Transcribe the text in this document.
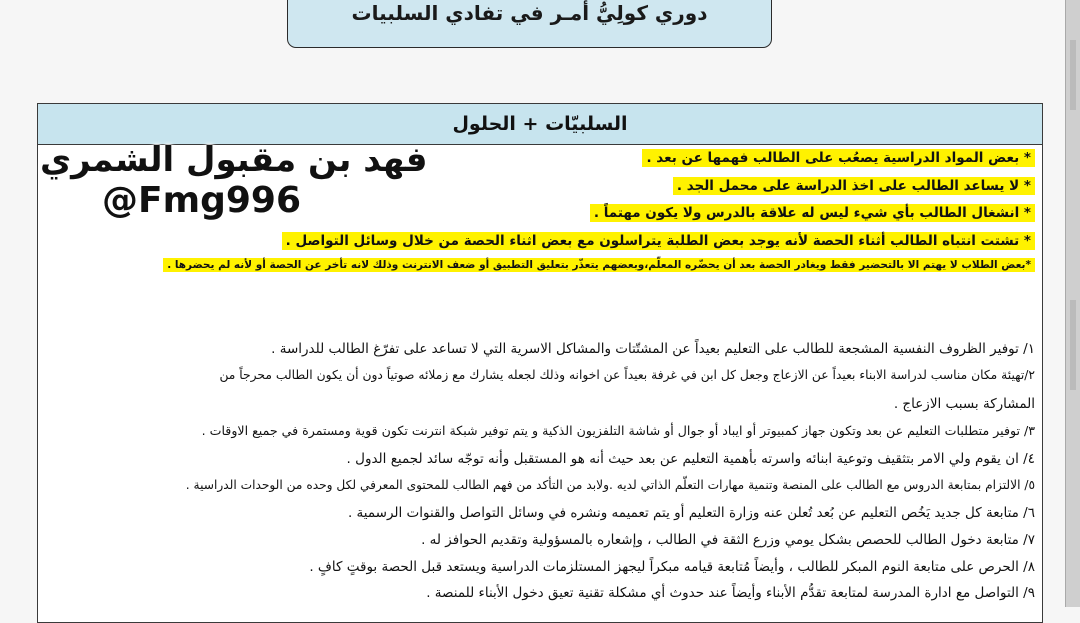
دوري كولِيُّ أمـر في تفادي السلبيات
السلبيّات + الحلول
* بعض المواد الدراسية يصعُب على الطالب فهمها عن بعد .
* لا يساعد الطالب على اخذ الدراسة على محمل الجد .
* انشغال الطالب بأي شيء ليس له علاقة بالدرس ولا يكون مهتماً .
* تشتت انتباه الطالب أثناء الحصة لأنه يوجد بعض الطلبة يتراسلون مع بعض اثناء الحصة من خلال وسائل التواصل .
*بعض الطلاب لا يهتم الا بالتحضير فقط ويغادر الحصة بعد أن يحضّره المعلّم،وبعضهم يتعذّر بتعليق التطبيق أو ضعف الانترنت وذلك لانه تأخر عن الحصة أو لأنه لم يحضرها .
١/ توفير الظروف النفسية المشجعة للطالب على التعليم بعيداً عن المشتّتات والمشاكل الاسرية التي لا تساعد على تفرّغ الطالب للدراسة .
٢/تهيئة مكان مناسب لدراسة الابناء بعيداً عن الازعاج وجعل كل ابن في غرفة بعيداً عن اخوانه وذلك لجعله يشارك مع زملائه صوتياً دون أن يكون الطالب محرجاً من
المشاركة بسبب الازعاج .
٣/ توفير متطلبات التعليم عن بعد وتكون جهاز كمبيوتر أو ايباد أو جوال أو شاشة التلفزيون الذكية و يتم توفير شبكة انترنت تكون قوية ومستمرة في جميع الاوقات .
٤/ ان يقوم ولي الامر بتثقيف وتوعية ابنائه واسرته بأهمية التعليم عن بعد حيث أنه هو المستقبل وأنه توجّه سائد لجميع الدول .
٥/ الالتزام بمتابعة الدروس مع الطالب على المنصة وتنمية مهارات التعلّم الذاتي لديه .ولابد من التأكد من فهم الطالب للمحتوى المعرفي لكل وحده من الوحدات الدراسية .
٦/ متابعة كل جديد يَخُص التعليم عن بُعد تُعلن عنه وزارة التعليم أو يتم تعميمه ونشره في وسائل التواصل والقنوات الرسمية .
٧/ متابعة دخول الطالب للحصص بشكل يومي وزرع الثقة في الطالب ، وإشعاره بالمسؤولية وتقديم الحوافز له .
٨/ الحرص على متابعة النوم المبكر للطالب ، وأيضاً مُتابعة قيامه مبكراً ليجهز المستلزمات الدراسية ويستعد قبل الحصة بوقتٍ كافٍ .
٩/ التواصل مع ادارة المدرسة لمتابعة تقدُّم الأبناء وأيضاً عند حدوث أي مشكلة تقنية تعيق دخول الأبناء للمنصة .
فهد بن مقبول الشمري
@Fmg996
